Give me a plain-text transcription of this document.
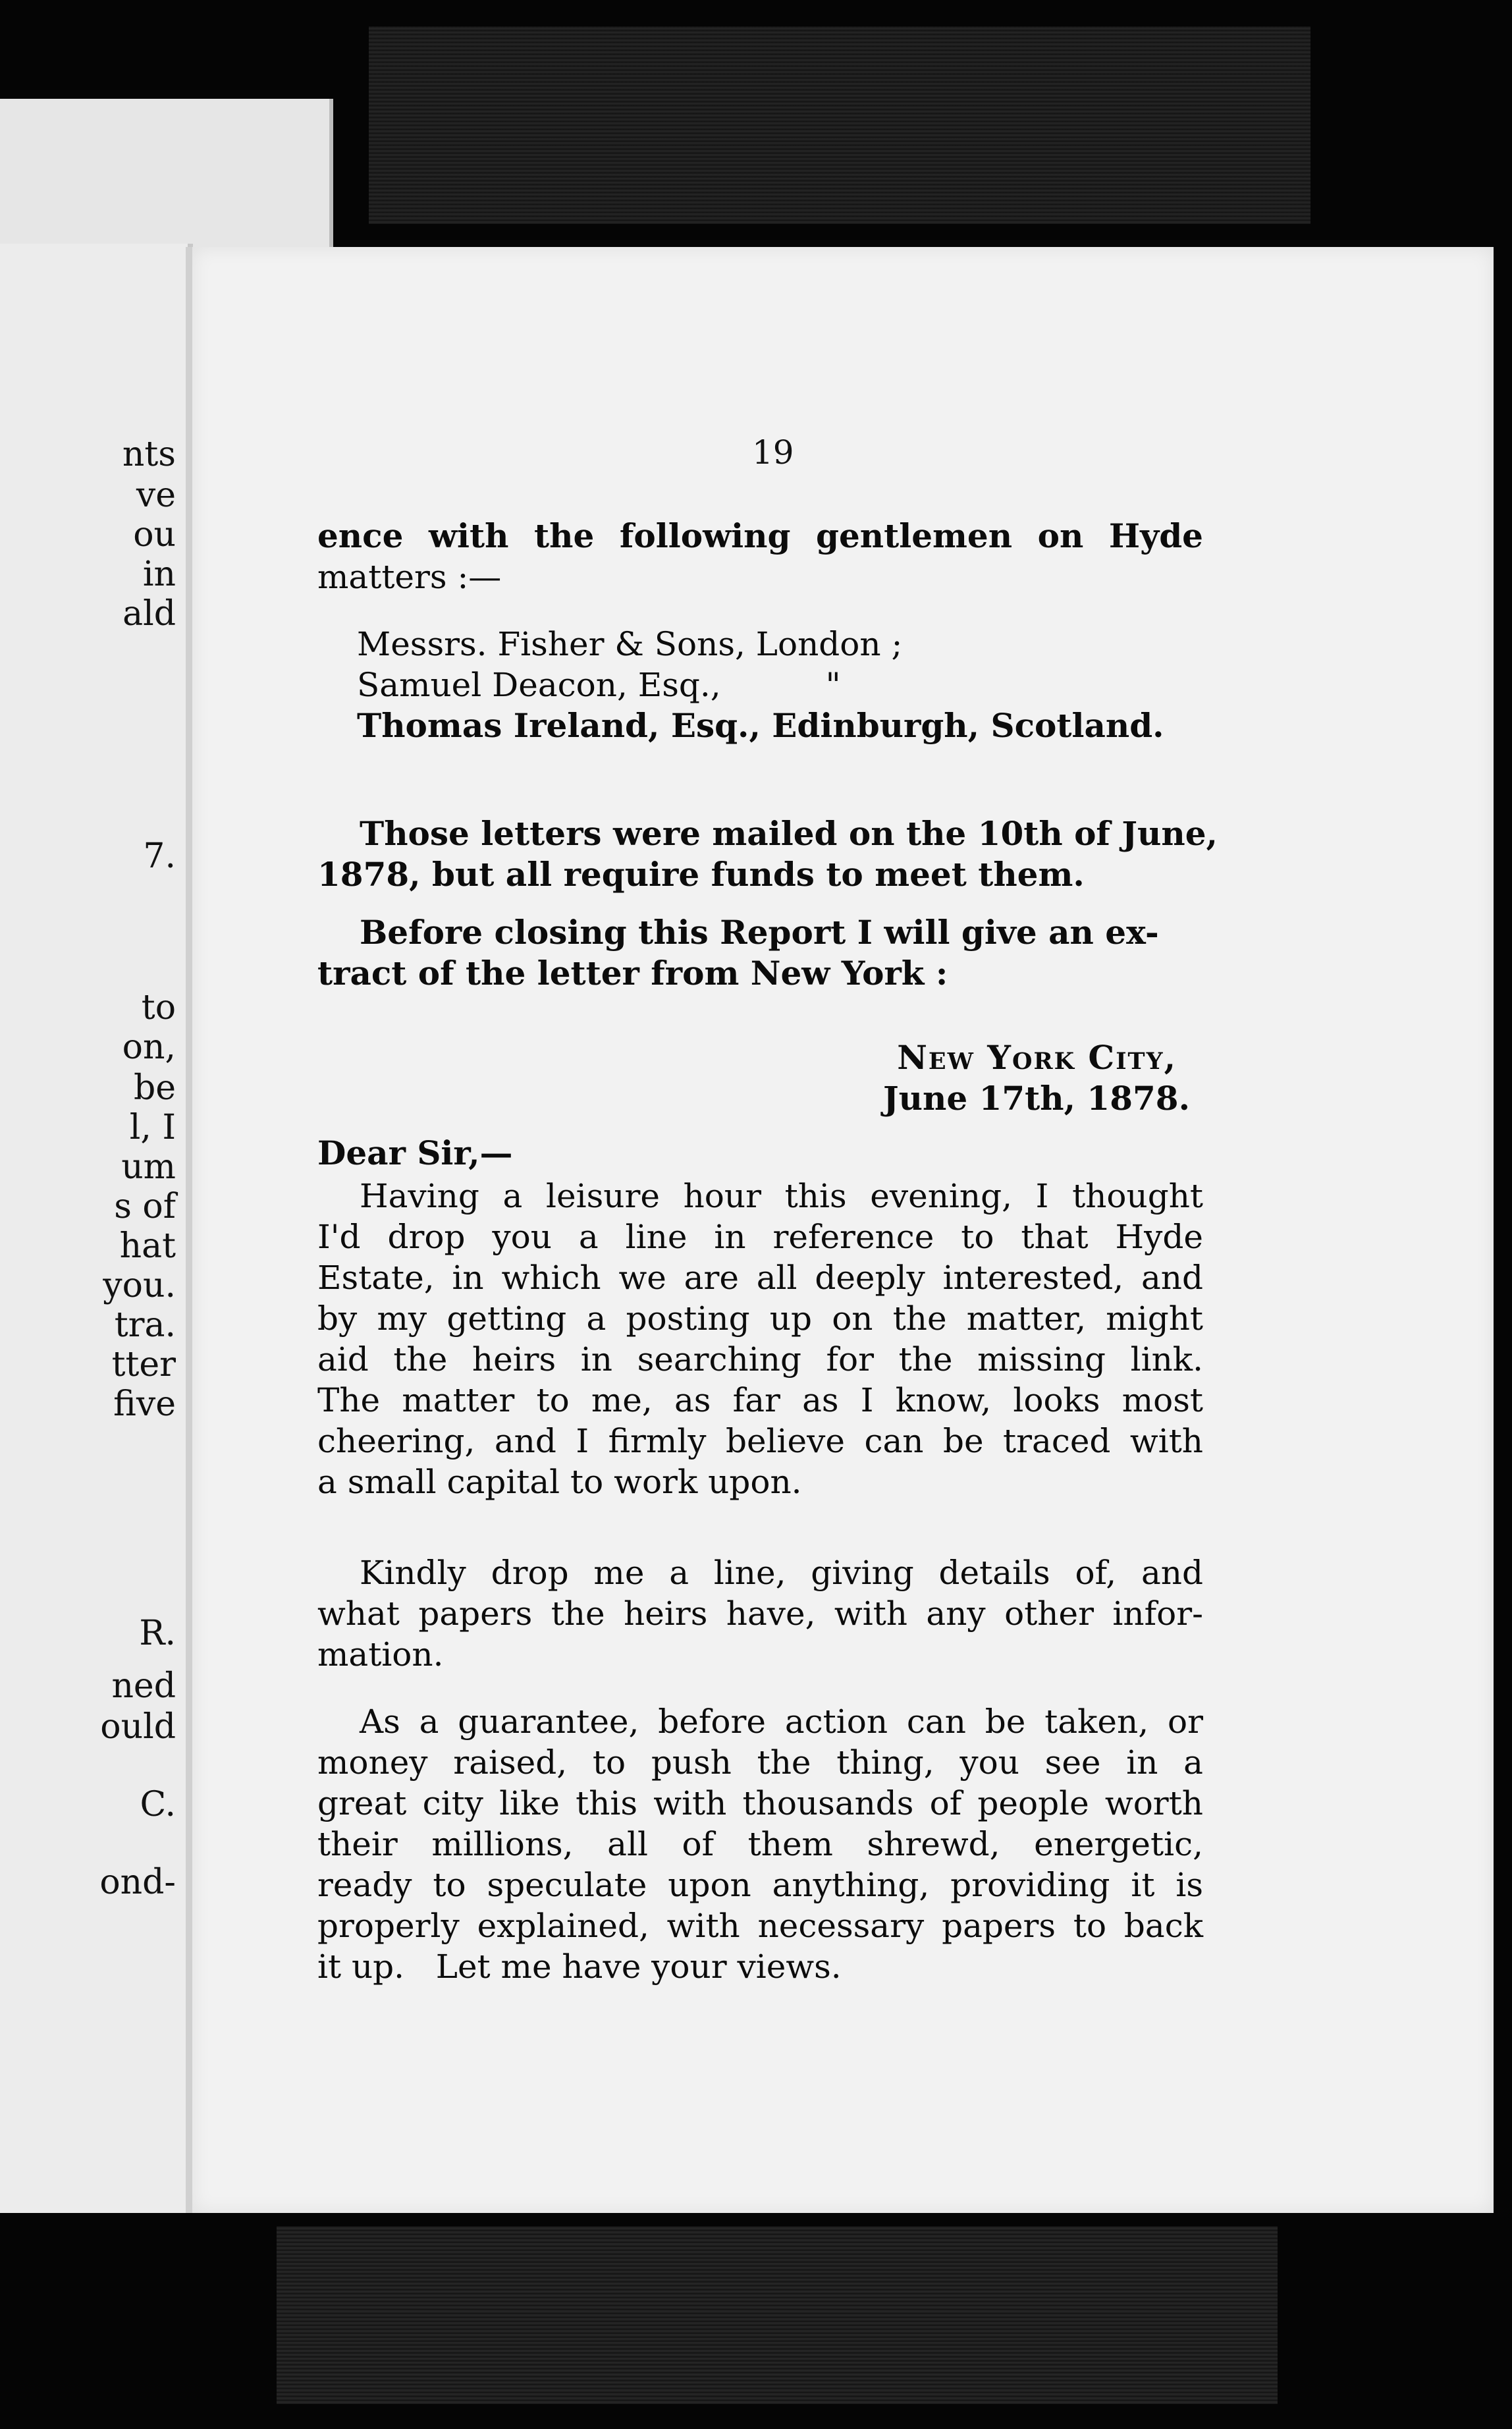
nts
ve
ou
in
ald
7.
to
on,
be
l, I
um
s of
hat
you.
tra.
tter
five
R.
ned
ould
C.
ond-
19
ence with the following gentlemen on Hyde
matters :—
Messrs. Fisher & Sons, London ;
Samuel Deacon, Esq.,          "
Thomas Ireland, Esq., Edinburgh, Scotland.
Those letters were mailed on the 10th of June,
1878, but all require funds to meet them.
Before closing this Report I will give an ex-
tract of the letter from New York :
New York City,
June 17th, 1878.
Dear Sir,—
Having a leisure hour this evening, I thought
I'd drop you a line in reference to that Hyde
Estate, in which we are all deeply interested, and
by my getting a posting up on the matter, might
aid the heirs in searching for the missing link.
The matter to me, as far as I know, looks most
cheering, and I firmly believe can be traced with
a small capital to work upon.
Kindly drop me a line, giving details of, and
what papers the heirs have, with any other infor-
mation.
As a guarantee, before action can be taken, or
money raised, to push the thing, you see in a
great city like this with thousands of people worth
their millions, all of them shrewd, energetic,
ready to speculate upon anything, providing it is
properly explained, with necessary papers to back
it up.   Let me have your views.
